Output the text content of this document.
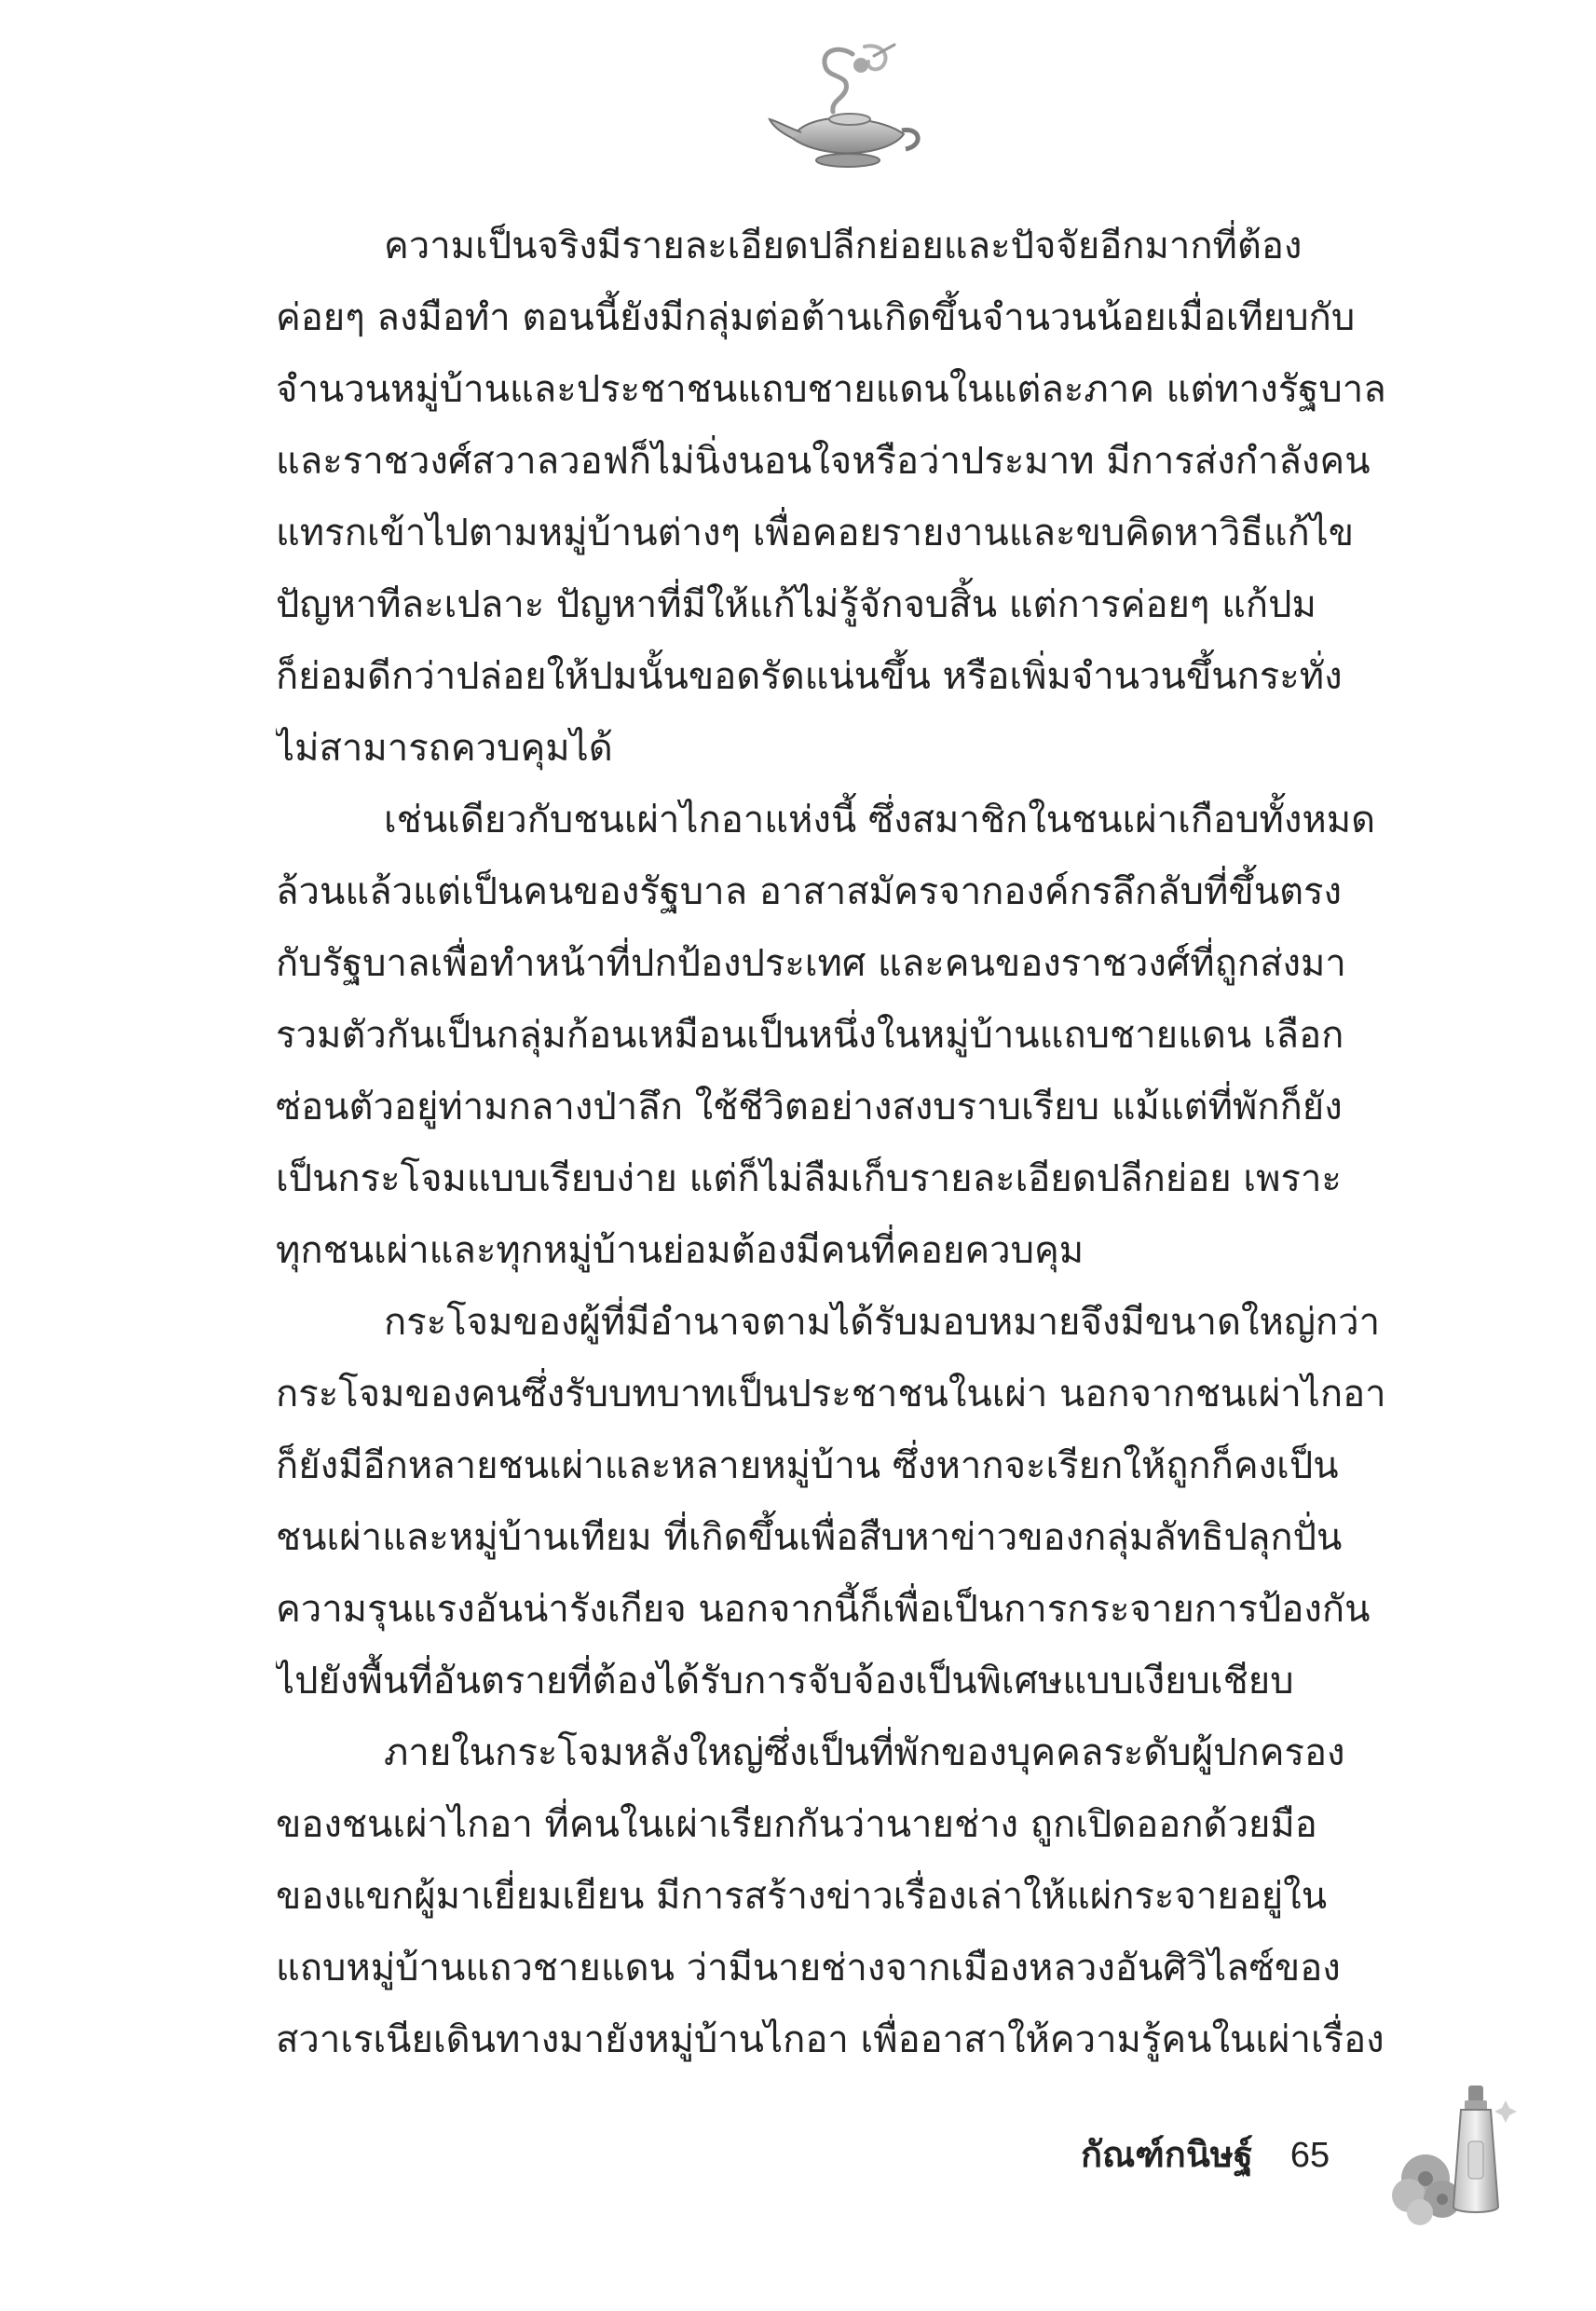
ความเป็นจริงมีรายละเอียดปลีกย่อยและปัจจัยอีกมากที่ต้อง
ค่อยๆ ลงมือทำ ตอนนี้ยังมีกลุ่มต่อต้านเกิดขึ้นจำนวนน้อยเมื่อเทียบกับ
จำนวนหมู่บ้านและประชาชนแถบชายแดนในแต่ละภาค แต่ทางรัฐบาล
และราชวงศ์สวาลวอฟก็ไม่นิ่งนอนใจหรือว่าประมาท มีการส่งกำลังคน
แทรกเข้าไปตามหมู่บ้านต่างๆ เพื่อคอยรายงานและขบคิดหาวิธีแก้ไข
ปัญหาทีละเปลาะ ปัญหาที่มีให้แก้ไม่รู้จักจบสิ้น แต่การค่อยๆ แก้ปม
ก็ย่อมดีกว่าปล่อยให้ปมนั้นขอดรัดแน่นขึ้น หรือเพิ่มจำนวนขึ้นกระทั่ง
ไม่สามารถควบคุมได้
เช่นเดียวกับชนเผ่าไกอาแห่งนี้ ซึ่งสมาชิกในชนเผ่าเกือบทั้งหมด
ล้วนแล้วแต่เป็นคนของรัฐบาล อาสาสมัครจากองค์กรลึกลับที่ขึ้นตรง
กับรัฐบาลเพื่อทำหน้าที่ปกป้องประเทศ และคนของราชวงศ์ที่ถูกส่งมา
รวมตัวกันเป็นกลุ่มก้อนเหมือนเป็นหนึ่งในหมู่บ้านแถบชายแดน เลือก
ซ่อนตัวอยู่ท่ามกลางป่าลึก ใช้ชีวิตอย่างสงบราบเรียบ แม้แต่ที่พักก็ยัง
เป็นกระโจมแบบเรียบง่าย แต่ก็ไม่ลืมเก็บรายละเอียดปลีกย่อย เพราะ
ทุกชนเผ่าและทุกหมู่บ้านย่อมต้องมีคนที่คอยควบคุม
กระโจมของผู้ที่มีอำนาจตามได้รับมอบหมายจึงมีขนาดใหญ่กว่า
กระโจมของคนซึ่งรับบทบาทเป็นประชาชนในเผ่า นอกจากชนเผ่าไกอา
ก็ยังมีอีกหลายชนเผ่าและหลายหมู่บ้าน ซึ่งหากจะเรียกให้ถูกก็คงเป็น
ชนเผ่าและหมู่บ้านเทียม ที่เกิดขึ้นเพื่อสืบหาข่าวของกลุ่มลัทธิปลุกปั่น
ความรุนแรงอันน่ารังเกียจ นอกจากนี้ก็เพื่อเป็นการกระจายการป้องกัน
ไปยังพื้นที่อันตรายที่ต้องได้รับการจับจ้องเป็นพิเศษแบบเงียบเชียบ
ภายในกระโจมหลังใหญ่ซึ่งเป็นที่พักของบุคคลระดับผู้ปกครอง
ของชนเผ่าไกอา ที่คนในเผ่าเรียกกันว่านายช่าง ถูกเปิดออกด้วยมือ
ของแขกผู้มาเยี่ยมเยียน มีการสร้างข่าวเรื่องเล่าให้แผ่กระจายอยู่ใน
แถบหมู่บ้านแถวชายแดน ว่ามีนายช่างจากเมืองหลวงอันศิวิไลซ์ของ
สวาเรเนียเดินทางมายังหมู่บ้านไกอา เพื่ออาสาให้ความรู้คนในเผ่าเรื่อง
กัณฑ์กนิษฐ์ 65
